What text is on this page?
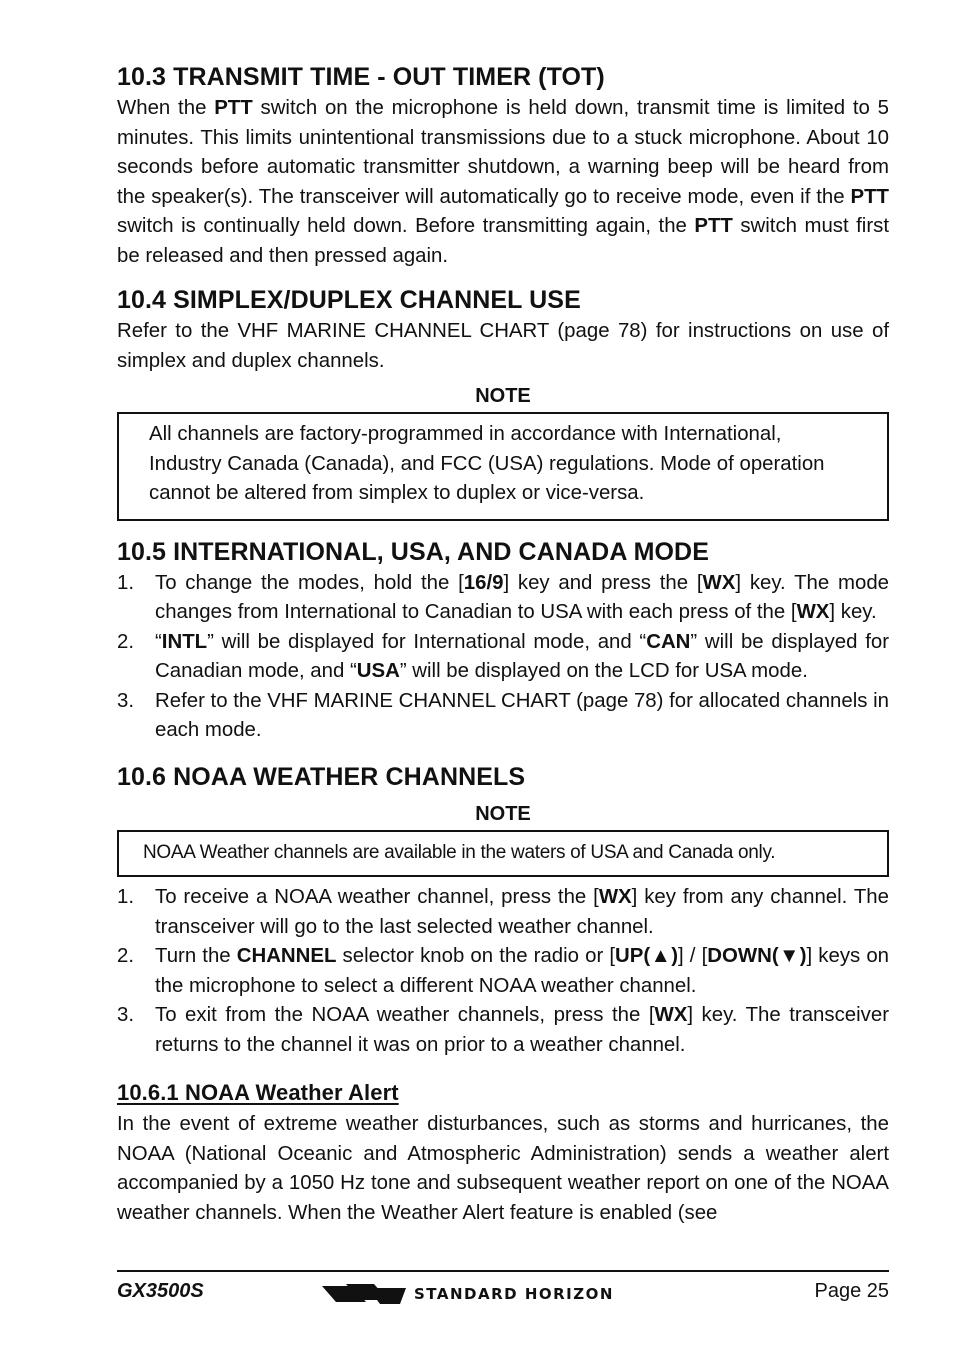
10.3 TRANSMIT TIME - OUT TIMER (TOT)

When the PTT switch on the microphone is held down, transmit time is limited to 5 minutes. This limits unintentional transmissions due to a stuck microphone. About 10 seconds before automatic transmitter shutdown, a warning beep will be heard from the speaker(s). The transceiver will automatically go to receive mode, even if the PTT switch is continually held down. Before transmitting again, the PTT switch must first be released and then pressed again.

10.4 SIMPLEX/DUPLEX CHANNEL USE

Refer to the VHF MARINE CHANNEL CHART (page 78) for instructions on use of simplex and duplex channels.

NOTE

All channels are factory-programmed in accordance with International, Industry Canada (Canada), and FCC (USA) regulations. Mode of operation cannot be altered from simplex to duplex or vice-versa.

10.5 INTERNATIONAL, USA, AND CANADA MODE
1. To change the modes, hold the [16/9] key and press the [WX] key. The mode changes from International to Canadian to USA with each press of the [WX] key.
2. “INTL” will be displayed for International mode, and “CAN” will be displayed for Canadian mode, and “USA” will be displayed on the LCD for USA mode.
3. Refer to the VHF MARINE CHANNEL CHART (page 78) for allocated channels in each mode.
10.6 NOAA WEATHER CHANNELS
NOTE

NOAA Weather channels are available in the waters of USA and Canada only.

1. To receive a NOAA weather channel, press the [WX] key from any channel. The transceiver will go to the last selected weather channel.
2. Turn the CHANNEL selector knob on the radio or [UP(▲)] / [DOWN(▼)] keys on the microphone to select a different NOAA weather channel.
3. To exit from the NOAA weather channels, press the [WX] key. The transceiver returns to the channel it was on prior to a weather channel.
10.6.1 NOAA Weather Alert

In the event of extreme weather disturbances, such as storms and hurricanes, the NOAA (National Oceanic and Atmospheric Administration) sends a weather alert accompanied by a 1050 Hz tone and subsequent weather report on one of the NOAA weather channels. When the Weather Alert feature is enabled (see

GX3500S	STANDARD HORIZON	Page 25
